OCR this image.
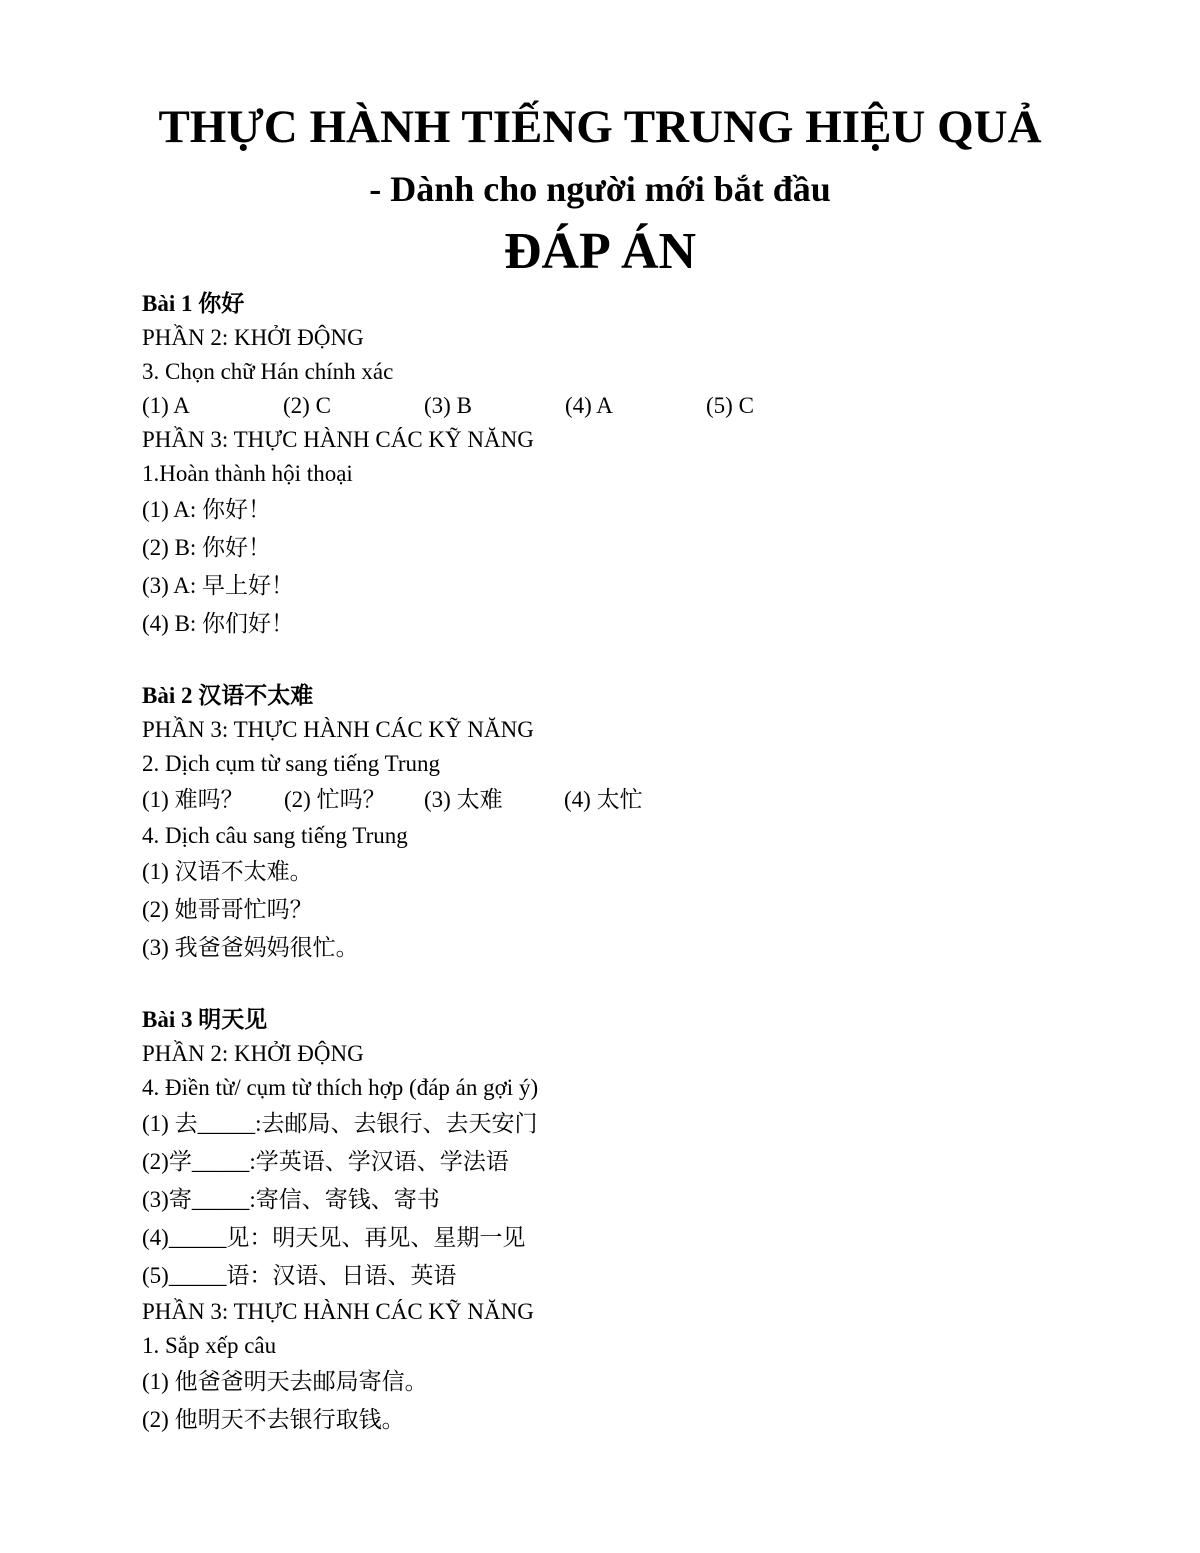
THỰC HÀNH TIẾNG TRUNG HIỆU QUẢ
- Dành cho người mới bắt đầu
ĐÁP ÁN
Bài 1 你好
PHẦN 2: KHỞI ĐỘNG
3. Chọn chữ Hán chính xác
(1) A	(2) C	(3) B	(4) A	(5) C
PHẦN 3: THỰC HÀNH CÁC KỸ NĂNG
1.Hoàn thành hội thoại
(1) A: 你好！
(2) B: 你好！
(3) A: 早上好！
(4) B: 你们好！
Bài 2 汉语不太难
PHẦN 3: THỰC HÀNH CÁC KỸ NĂNG
2. Dịch cụm từ sang tiếng Trung
(1) 难吗？	(2) 忙吗？	(3) 太难	(4) 太忙
4. Dịch câu sang tiếng Trung
(1) 汉语不太难。
(2) 她哥哥忙吗？
(3) 我爸爸妈妈很忙。
Bài 3 明天见
PHẦN 2: KHỞI ĐỘNG
4. Điền từ/ cụm từ thích hợp (đáp án gợi ý)
(1) 去_____:去邮局、去银行、去天安门
(2)学_____:学英语、学汉语、学法语
(3)寄_____:寄信、寄钱、寄书
(4)_____见：明天见、再见、星期一见
(5)_____语：汉语、日语、英语
PHẦN 3: THỰC HÀNH CÁC KỸ NĂNG
1. Sắp xếp câu
(1) 他爸爸明天去邮局寄信。
(2) 他明天不去银行取钱。
